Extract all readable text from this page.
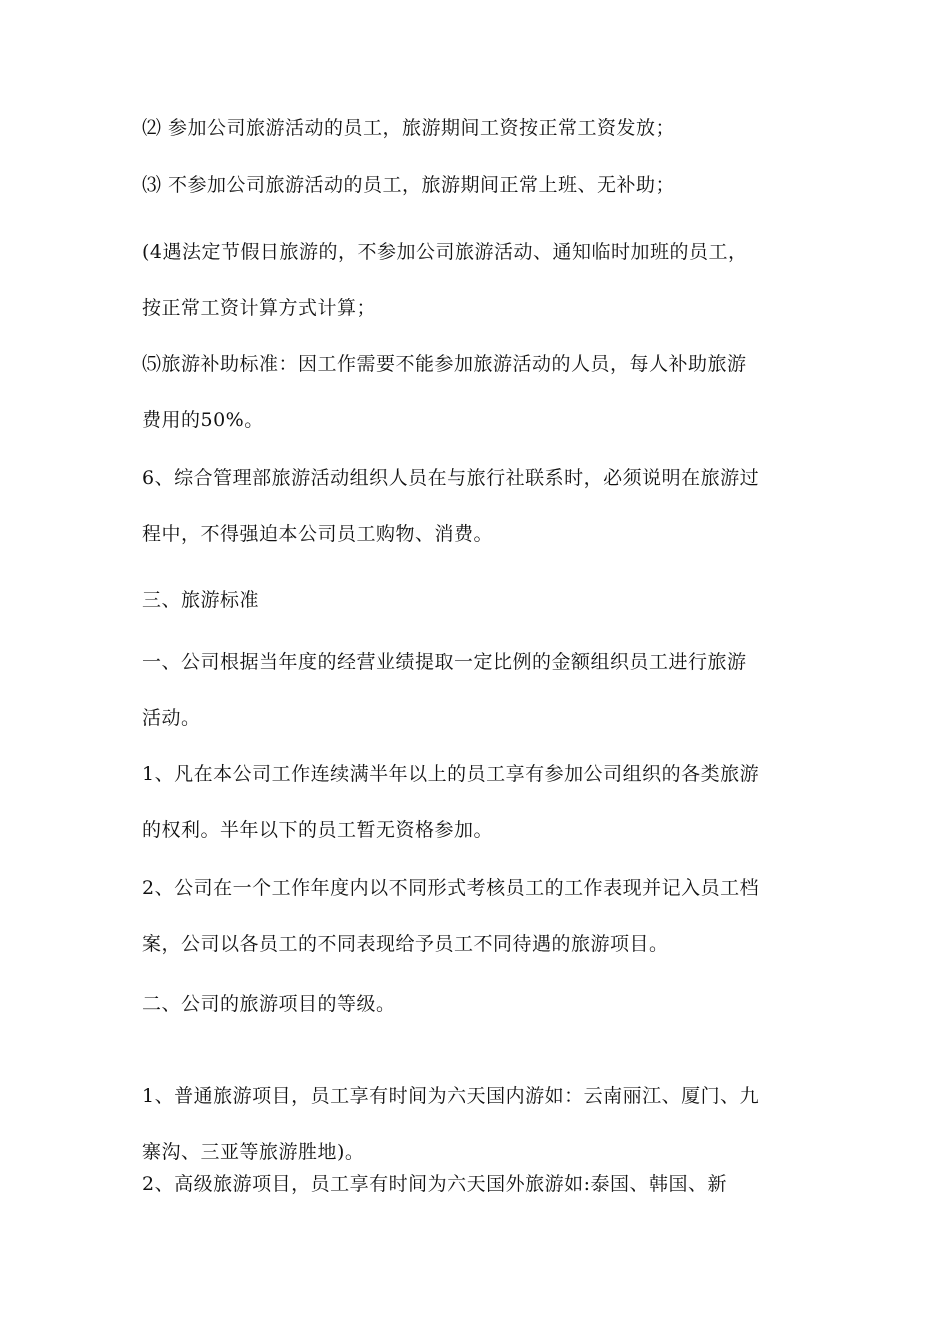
⑵ 参加公司旅游活动的员工，旅游期间工资按正常工资发放；

⑶ 不参加公司旅游活动的员工，旅游期间正常上班、无补助；

(4遇法定节假日旅游的，不参加公司旅游活动、通知临时加班的员工，
按正常工资计算方式计算；

⑸旅游补助标准：因工作需要不能参加旅游活动的人员，每人补助旅游
费用的50%。

6、综合管理部旅游活动组织人员在与旅行社联系时，必须说明在旅游过
程中，不得强迫本公司员工购物、消费。

三、旅游标准

一、公司根据当年度的经营业绩提取一定比例的金额组织员工进行旅游
活动。

1、凡在本公司工作连续满半年以上的员工享有参加公司组织的各类旅游
的权利。半年以下的员工暂无资格参加。

2、公司在一个工作年度内以不同形式考核员工的工作表现并记入员工档
案，公司以各员工的不同表现给予员工不同待遇的旅游项目。

二、公司的旅游项目的等级。

1、普通旅游项目，员工享有时间为六天国内游如：云南丽江、厦门、九
寨沟、三亚等旅游胜地)。

2、高级旅游项目，员工享有时间为六天国外旅游如:泰国、韩国、新
